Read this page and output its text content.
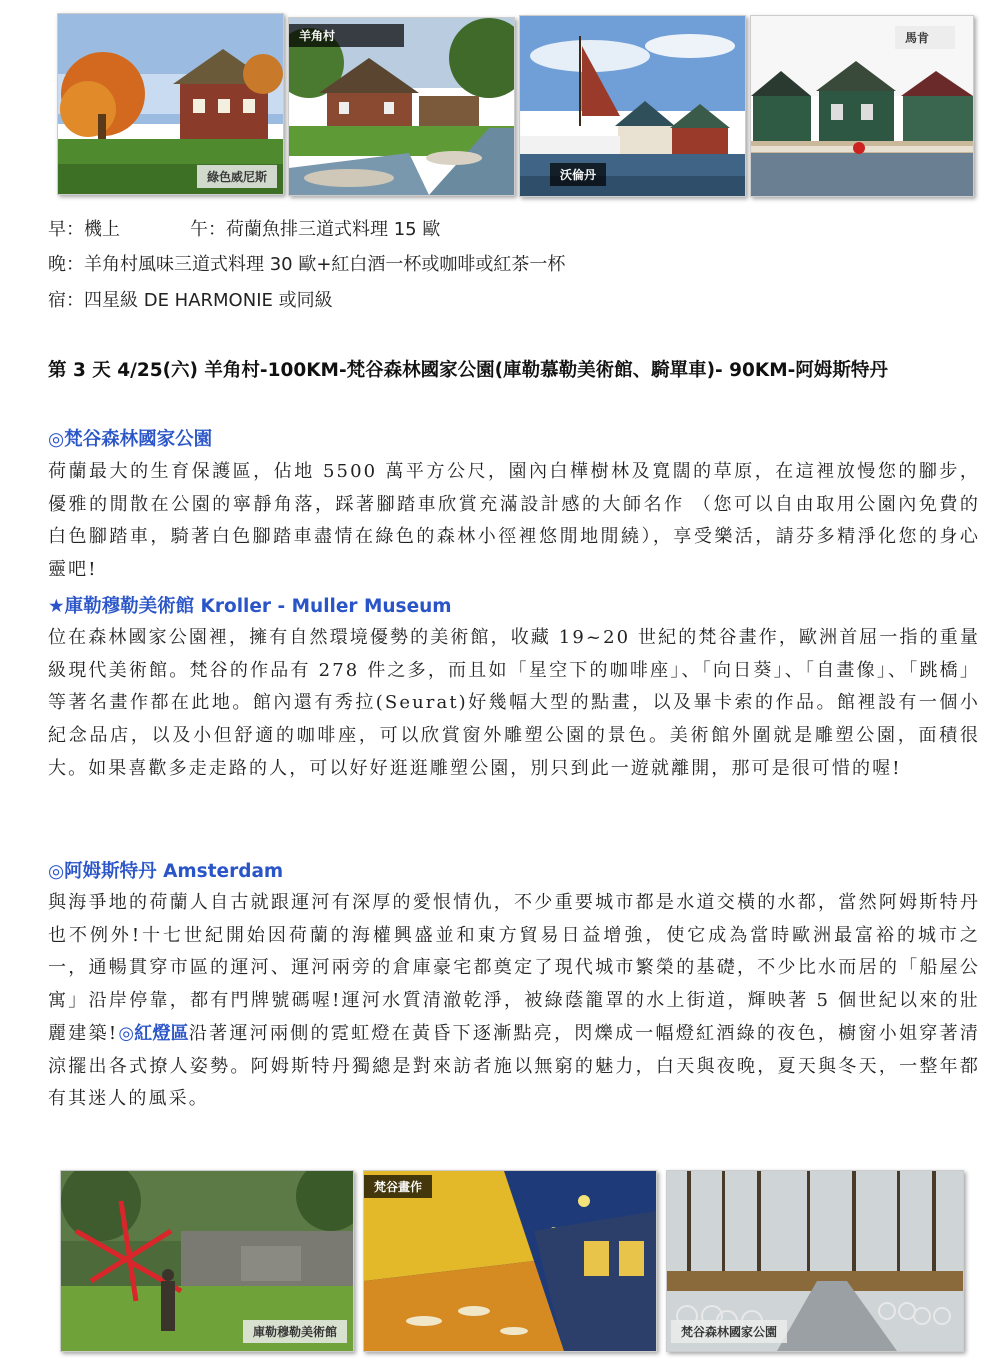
綠色威尼斯
羊角村
沃倫丹
馬肯
早：機上	午：荷蘭魚排三道式料理 15 歐
晚：羊角村風味三道式料理 30 歐+紅白酒一杯或咖啡或紅茶一杯
宿：四星級 DE HARMONIE 或同級
第 3 天 4/25(六) 羊角村-100KM-梵谷森林國家公園(庫勒慕勒美術館、騎單車)- 90KM-阿姆斯特丹
◎梵谷森林國家公園
荷蘭最大的生育保護區，佔地 5500 萬平方公尺，園內白樺樹林及寬闊的草原，在這裡放慢您的腳步，優雅的閒散在公園的寧靜角落，踩著腳踏車欣賞充滿設計感的大師名作 （您可以自由取用公園內免費的白色腳踏車，騎著白色腳踏車盡情在綠色的森林小徑裡悠閒地閒繞），享受樂活，請芬多精淨化您的身心靈吧!
★庫勒穆勒美術館 Kroller - Muller Museum
位在森林國家公園裡，擁有自然環境優勢的美術館，收藏 19~20 世紀的梵谷畫作，歐洲首屈一指的重量級現代美術館。梵谷的作品有 278 件之多，而且如「星空下的咖啡座」、「向日葵」、「自畫像」、「跳橋」等著名畫作都在此地。館內還有秀拉(Seurat)好幾幅大型的點畫，以及畢卡索的作品。館裡設有一個小紀念品店，以及小但舒適的咖啡座，可以欣賞窗外雕塑公園的景色。美術館外圍就是雕塑公園，面積很大。如果喜歡多走走路的人，可以好好逛逛雕塑公園，別只到此一遊就離開，那可是很可惜的喔!
◎阿姆斯特丹 Amsterdam
與海爭地的荷蘭人自古就跟運河有深厚的愛恨情仇，不少重要城市都是水道交橫的水都，當然阿姆斯特丹也不例外!十七世紀開始因荷蘭的海權興盛並和東方貿易日益增強，使它成為當時歐洲最富裕的城市之一，通暢貫穿市區的運河、運河兩旁的倉庫豪宅都奠定了現代城市繁榮的基礎，不少比水而居的「船屋公寓」沿岸停靠，都有門牌號碼喔!運河水質清澈乾淨，被綠蔭籠罩的水上街道，輝映著 5 個世紀以來的壯麗建築!◎紅燈區沿著運河兩側的霓虹燈在黃昏下逐漸點亮，閃爍成一幅燈紅酒綠的夜色，櫥窗小姐穿著清涼擺出各式撩人姿勢。阿姆斯特丹獨總是對來訪者施以無窮的魅力，白天與夜晚，夏天與冬天，一整年都有其迷人的風采。
庫勒穆勒美術館
梵谷畫作
梵谷森林國家公園
